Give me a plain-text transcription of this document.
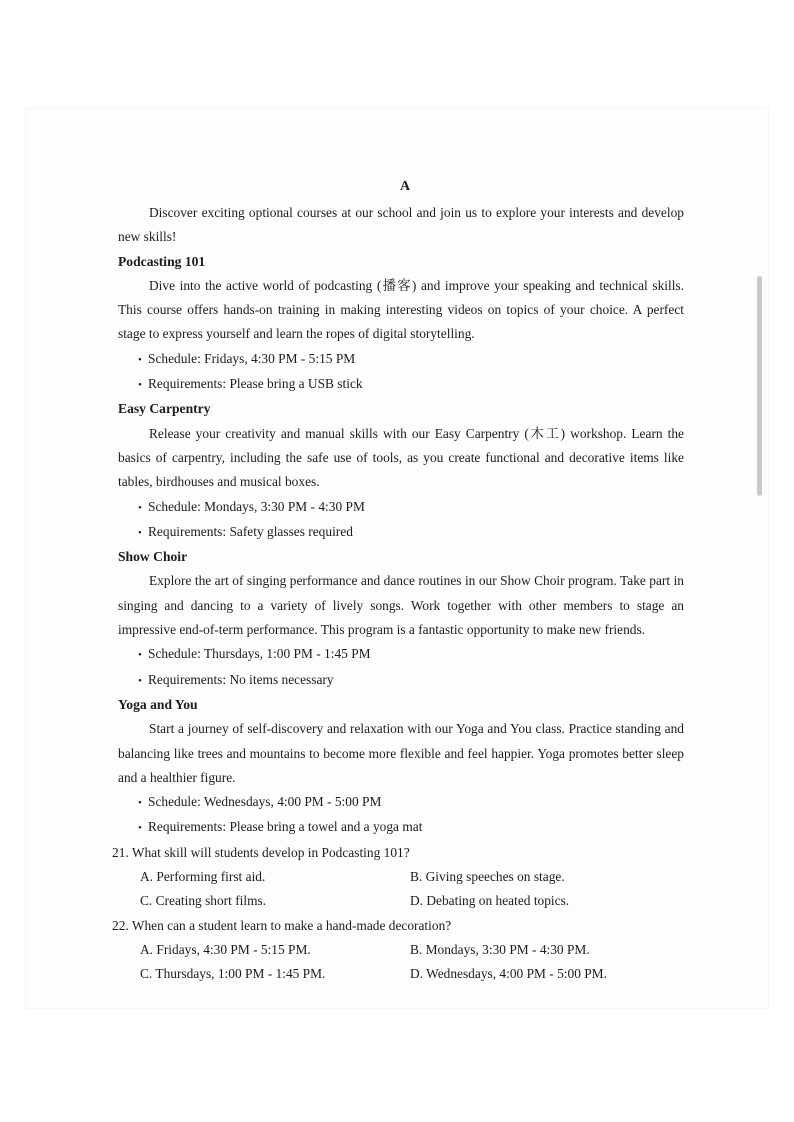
A

Discover exciting optional courses at our school and join us to explore your interests and develop new skills!

Podcasting 101

Dive into the active world of podcasting (播客) and improve your speaking and technical skills. This course offers hands-on training in making interesting videos on topics of your choice. A perfect stage to express yourself and learn the ropes of digital storytelling.

• Schedule: Fridays, 4:30 PM - 5:15 PM

• Requirements: Please bring a USB stick

Easy Carpentry

Release your creativity and manual skills with our Easy Carpentry (木工) workshop. Learn the basics of carpentry, including the safe use of tools, as you create functional and decorative items like tables, birdhouses and musical boxes.

• Schedule: Mondays, 3:30 PM - 4:30 PM

• Requirements: Safety glasses required

Show Choir

Explore the art of singing performance and dance routines in our Show Choir program. Take part in singing and dancing to a variety of lively songs. Work together with other members to stage an impressive end-of-term performance. This program is a fantastic opportunity to make new friends.

• Schedule: Thursdays, 1:00 PM - 1:45 PM

• Requirements: No items necessary

Yoga and You

Start a journey of self-discovery and relaxation with our Yoga and You class. Practice standing and balancing like trees and mountains to become more flexible and feel happier. Yoga promotes better sleep and a healthier figure.

• Schedule: Wednesdays, 4:00 PM - 5:00 PM

• Requirements: Please bring a towel and a yoga mat

21. What skill will students develop in Podcasting 101?

A. Performing first aid.	B. Giving speeches on stage.
C. Creating short films.	D. Debating on heated topics.

22. When can a student learn to make a hand-made decoration?

A. Fridays, 4:30 PM - 5:15 PM.	B. Mondays, 3:30 PM - 4:30 PM.
C. Thursdays, 1:00 PM - 1:45 PM.	D. Wednesdays, 4:00 PM - 5:00 PM.
